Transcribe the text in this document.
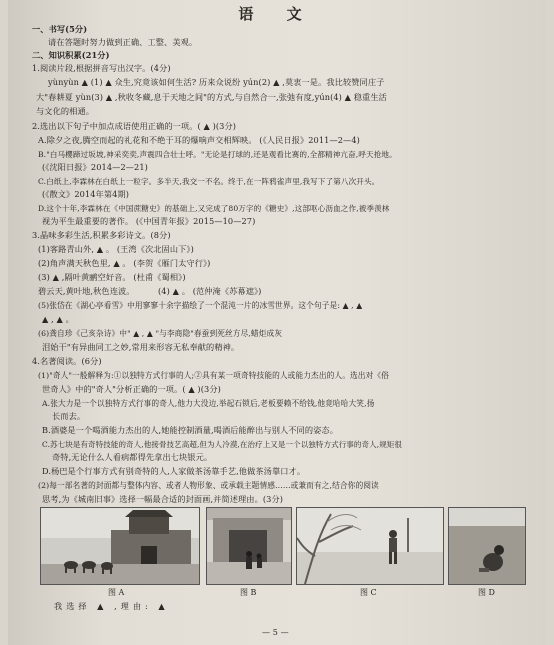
语 文
一、书写(5分)
请在答题时努力做到正确、工整、美观。
二、知识积累(21分)
1.阅读片段,根据拼音写出汉字。(4分)
yùnyùn ▲ (1) ▲ 众生,究竟该如何生活? 历来众说纷 yún(2) ▲ ,莫衷一是。我比较赞同庄子
大"春耕夏 yùn(3) ▲ ,秋收冬藏,息于天地之间"的方式,与自然合一,张弛有度,yún(4) ▲ 稳重生活
与文化的相通。
2.选出以下句子中加点成语使用正确的一项。( ▲ )(3分)
A.除夕之夜,腾空而起的礼花和不绝于耳的爆响声交相辉映。 (《人民日报》2011—2—4)
B."白马櫻蹄过坂坡,神采奕奕,声震四合壮士呼。"无论是打球的,还是观看比赛的,全都精神亢奋,呼天抢地。
(《沈阳日报》2014—2—21)
C.白纸上,李霖林在白纸上一粒字。多半天,我交一不名。终于,在一阵鸦雀声里,我写下了第八次开头。
(《散文》2014年第4期)
D.这个十年,李霖林在《中国蔗糖史》的基础上,又完成了80万字的《糖史》,这部呕心沥血之作,被季羡林
视为平生最重要的著作。 (《中国青年报》2015—10—27)
3.晶味多彩生活,积累多彩诗文。(8分)
(1)客路青山外, ▲ 。 (王湾《次北固山下》)
(2)角声满天秋色里, ▲ 。 (李贺《雁门太守行》)
(3) ▲ ,隔叶黄鹂空好音。 (杜甫《蜀相》)
碧云天,黄叶地,秋色连波。	(4) ▲ 。 (范仲淹《苏幕遮》)
(5)张岱在《湖心亭看雪》中用寥寥十余字描绘了一个混沌一片的冰雪世界。这个句子是: ▲ , ▲
▲ , ▲ 。
(6)龚自珍《己亥杂诗》中" ▲ , ▲ "与李商隐"春蚕到死丝方尽,蜡炬成灰
泪始干"有异曲同工之妙,常用来形容无私奉献的精神。
4.名著阅读。(6分)
(1)"奇人"一般解释为:①以独特方式行事的人;②具有某一项奇特技能的人或能力杰出的人。选出对《俗
世奇人》中的"奇人"分析正确的一项。( ▲ )(3分)
A.张大力是一个以独特方式行事的奇人,他力大没边,举起石锁后,老板要赖不给钱,他竟哈哈大笑,扬
长而去。
B.酒婆是一个喝酒能力杰出的人,她能控制酒量,喝酒后能醉出与别人不同的姿态。
C.苏七块是有奇特技能的奇人,他接骨技艺高超,但为人冷漠,在治疗上又是一个以独特方式行事的奇人,规矩很
奇特,无论什么人看病都得先拿出七块银元。
D.杨巴是个行事方式有别奇特的人,人家做茶汤靠手艺,他做茶汤靠口才。
(2)每一部名著的封面都与整体内容、或者人物形象、或承载主题情感……或兼而有之,结合你的阅读
思考,为《城南旧事》选择一幅最合适的封面画,并简述理由。(3分)
图 A	图 B	图 C	图 D
我选择 ▲ ,理由: ▲
— 5 —
